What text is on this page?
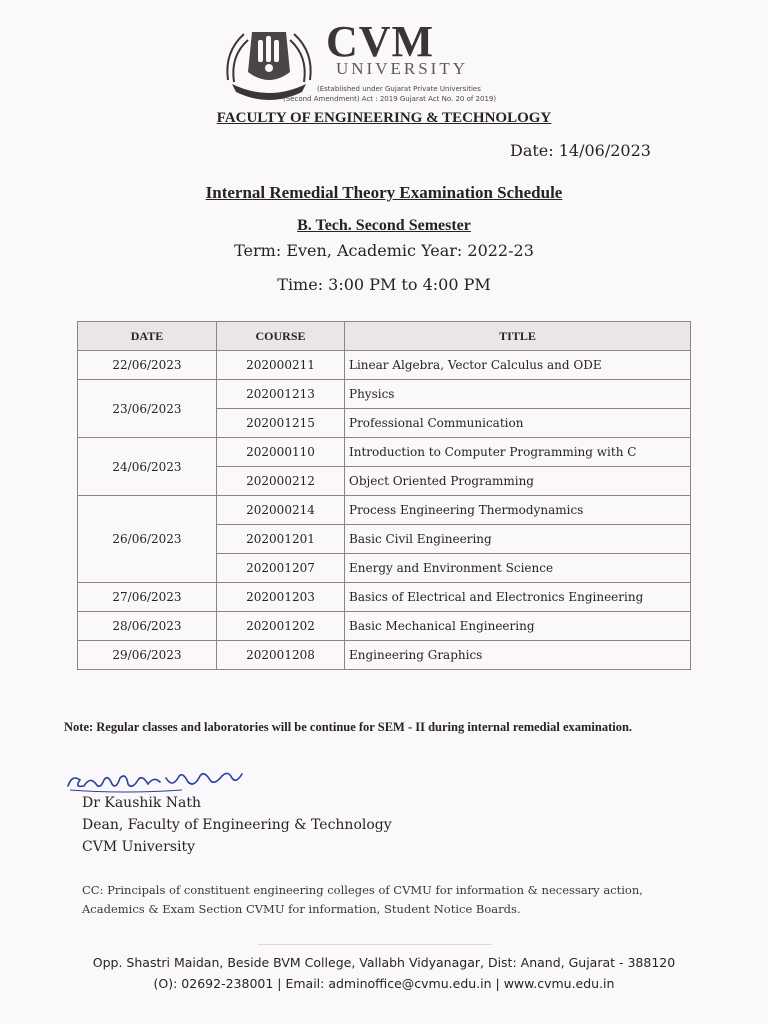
• • •
CVM
UNIVERSITY
(Established under Gujarat Private Universities
(Second Amendment) Act : 2019 Gujarat Act No. 20 of 2019)
FACULTY OF ENGINEERING & TECHNOLOGY
Date: 14/06/2023
Internal Remedial Theory Examination Schedule
B. Tech. Second Semester
Term: Even, Academic Year: 2022-23
Time: 3:00 PM to 4:00 PM
DATE	COURSE	TITLE
22/06/2023	202000211	Linear Algebra, Vector Calculus and ODE
23/06/2023	202001213	Physics
	202001215	Professional Communication
24/06/2023	202000110	Introduction to Computer Programming with C
	202000212	Object Oriented Programming
26/06/2023	202000214	Process Engineering Thermodynamics
	202001201	Basic Civil Engineering
	202001207	Energy and Environment Science
27/06/2023	202001203	Basics of Electrical and Electronics Engineering
28/06/2023	202001202	Basic Mechanical Engineering
29/06/2023	202001208	Engineering Graphics
Note: Regular classes and laboratories will be continue for SEM - II during internal remedial examination.
Dr Kaushik Nath
Dean, Faculty of Engineering & Technology
CVM University
CC: Principals of constituent engineering colleges of CVMU for information & necessary action, Academics & Exam Section CVMU for information, Student Notice Boards.
Opp. Shastri Maidan, Beside BVM College, Vallabh Vidyanagar, Dist: Anand, Gujarat - 388120
(O): 02692-238001 | Email: adminoffice@cvmu.edu.in | www.cvmu.edu.in
